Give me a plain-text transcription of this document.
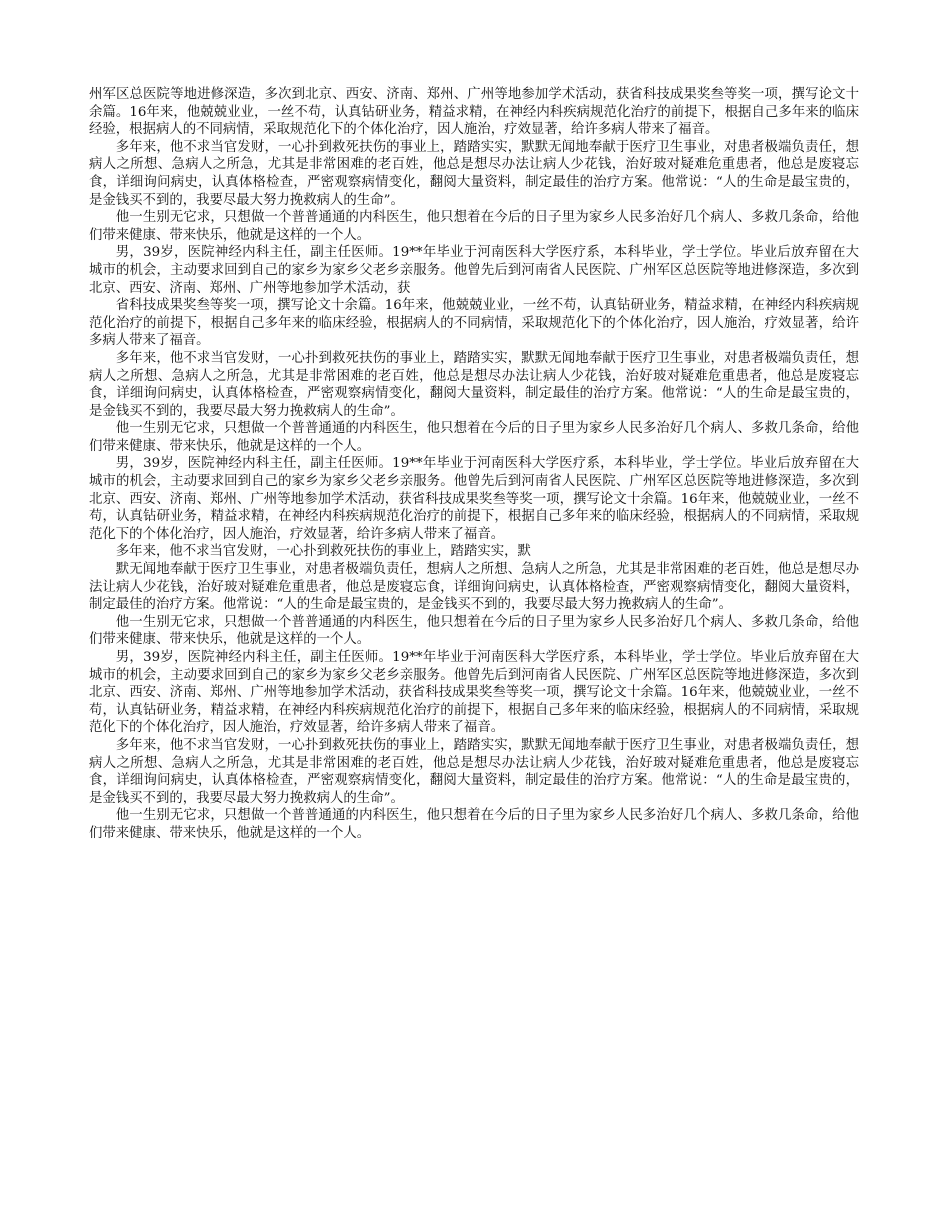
州军区总医院等地进修深造，多次到北京、西安、济南、郑州、广州等地参加学术活动，获省科技成果奖叁等奖一项，撰写论文十余篇。16年来，他兢兢业业，一丝不苟，认真钻研业务，精益求精，在神经内科疾病规范化治疗的前提下，根据自己多年来的临床经验，根据病人的不同病情，采取规范化下的个体化治疗，因人施治，疗效显著，给许多病人带来了福音。

多年来，他不求当官发财，一心扑到救死扶伤的事业上，踏踏实实，默默无闻地奉献于医疗卫生事业，对患者极端负责任，想病人之所想、急病人之所急，尤其是非常困难的老百姓，他总是想尽办法让病人少花钱，治好玻对疑难危重患者，他总是废寝忘食，详细询问病史，认真体格检查，严密观察病情变化，翻阅大量资料，制定最佳的治疗方案。他常说：“人的生命是最宝贵的，是金钱买不到的，我要尽最大努力挽救病人的生命”。

他一生别无它求，只想做一个普普通通的内科医生，他只想着在今后的日子里为家乡人民多治好几个病人、多救几条命，给他们带来健康、带来快乐，他就是这样的一个人。

男，39岁，医院神经内科主任，副主任医师。19**年毕业于河南医科大学医疗系，本科毕业，学士学位。毕业后放弃留在大城市的机会，主动要求回到自己的家乡为家乡父老乡亲服务。他曾先后到河南省人民医院、广州军区总医院等地进修深造，多次到北京、西安、济南、郑州、广州等地参加学术活动，获

省科技成果奖叁等奖一项，撰写论文十余篇。16年来，他兢兢业业，一丝不苟，认真钻研业务，精益求精，在神经内科疾病规范化治疗的前提下，根据自己多年来的临床经验，根据病人的不同病情，采取规范化下的个体化治疗，因人施治，疗效显著，给许多病人带来了福音。

多年来，他不求当官发财，一心扑到救死扶伤的事业上，踏踏实实，默默无闻地奉献于医疗卫生事业，对患者极端负责任，想病人之所想、急病人之所急，尤其是非常困难的老百姓，他总是想尽办法让病人少花钱，治好玻对疑难危重患者，他总是废寝忘食，详细询问病史，认真体格检查，严密观察病情变化，翻阅大量资料，制定最佳的治疗方案。他常说：“人的生命是最宝贵的，是金钱买不到的，我要尽最大努力挽救病人的生命”。

他一生别无它求，只想做一个普普通通的内科医生，他只想着在今后的日子里为家乡人民多治好几个病人、多救几条命，给他们带来健康、带来快乐，他就是这样的一个人。

男，39岁，医院神经内科主任，副主任医师。19**年毕业于河南医科大学医疗系，本科毕业，学士学位。毕业后放弃留在大城市的机会，主动要求回到自己的家乡为家乡父老乡亲服务。他曾先后到河南省人民医院、广州军区总医院等地进修深造，多次到北京、西安、济南、郑州、广州等地参加学术活动，获省科技成果奖叁等奖一项，撰写论文十余篇。16年来，他兢兢业业，一丝不苟，认真钻研业务，精益求精，在神经内科疾病规范化治疗的前提下，根据自己多年来的临床经验，根据病人的不同病情，采取规范化下的个体化治疗，因人施治，疗效显著，给许多病人带来了福音。

多年来，他不求当官发财，一心扑到救死扶伤的事业上，踏踏实实，默

默无闻地奉献于医疗卫生事业，对患者极端负责任，想病人之所想、急病人之所急，尤其是非常困难的老百姓，他总是想尽办法让病人少花钱，治好玻对疑难危重患者，他总是废寝忘食，详细询问病史，认真体格检查，严密观察病情变化，翻阅大量资料，制定最佳的治疗方案。他常说：“人的生命是最宝贵的，是金钱买不到的，我要尽最大努力挽救病人的生命”。

他一生别无它求，只想做一个普普通通的内科医生，他只想着在今后的日子里为家乡人民多治好几个病人、多救几条命，给他们带来健康、带来快乐，他就是这样的一个人。

男，39岁，医院神经内科主任，副主任医师。19**年毕业于河南医科大学医疗系，本科毕业，学士学位。毕业后放弃留在大城市的机会，主动要求回到自己的家乡为家乡父老乡亲服务。他曾先后到河南省人民医院、广州军区总医院等地进修深造，多次到北京、西安、济南、郑州、广州等地参加学术活动，获省科技成果奖叁等奖一项，撰写论文十余篇。16年来，他兢兢业业，一丝不苟，认真钻研业务，精益求精，在神经内科疾病规范化治疗的前提下，根据自己多年来的临床经验，根据病人的不同病情，采取规范化下的个体化治疗，因人施治，疗效显著，给许多病人带来了福音。

多年来，他不求当官发财，一心扑到救死扶伤的事业上，踏踏实实，默默无闻地奉献于医疗卫生事业，对患者极端负责任，想病人之所想、急病人之所急，尤其是非常困难的老百姓，他总是想尽办法让病人少花钱，治好玻对疑难危重患者，他总是废寝忘食，详细询问病史，认真体格检查，严密观察病情变化，翻阅大量资料，制定最佳的治疗方案。他常说：“人的生命是最宝贵的，是金钱买不到的，我要尽最大努力挽救病人的生命”。

他一生别无它求，只想做一个普普通通的内科医生，他只想着在今后的日子里为家乡人民多治好几个病人、多救几条命，给他们带来健康、带来快乐，他就是这样的一个人。
